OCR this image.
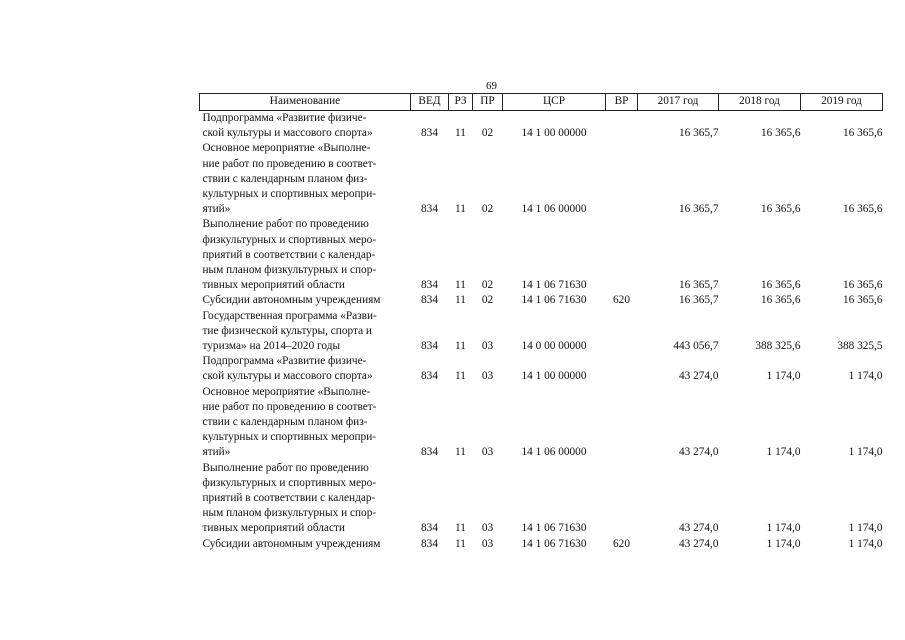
69
Наименование	ВЕД	РЗ	ПР	ЦСР	ВР	2017 год	2018 год	2019 год

Подпрограмма «Развитие физиче-
ской культуры и массового спорта»	834	11	02	14 1 00 00000		16 365,7	16 365,6	16 365,6

Основное мероприятие «Выполне-
ние работ по проведению в соответ-
ствии с календарным планом физ-
культурных и спортивных меропри-
ятий»	834	11	02	14 1 06 00000		16 365,7	16 365,6	16 365,6

Выполнение работ по проведению
физкультурных и спортивных меро-
приятий в соответствии с календар-
ным планом физкультурных и спор-
тивных мероприятий области	834	11	02	14 1 06 71630		16 365,7	16 365,6	16 365,6

Субсидии автономным учреждениям	834	11	02	14 1 06 71630	620	16 365,7	16 365,6	16 365,6

Государственная программа «Разви-
тие физической культуры, спорта и
туризма» на 2014–2020 годы	834	11	03	14 0 00 00000		443 056,7	388 325,6	388 325,5

Подпрограмма «Развитие физиче-
ской культуры и массового спорта»	834	11	03	14 1 00 00000		43 274,0	1 174,0	1 174,0

Основное мероприятие «Выполне-
ние работ по проведению в соответ-
ствии с календарным планом физ-
культурных и спортивных меропри-
ятий»	834	11	03	14 1 06 00000		43 274,0	1 174,0	1 174,0

Выполнение работ по проведению
физкультурных и спортивных меро-
приятий в соответствии с календар-
ным планом физкультурных и спор-
тивных мероприятий области	834	11	03	14 1 06 71630		43 274,0	1 174,0	1 174,0

Субсидии автономным учреждениям	834	11	03	14 1 06 71630	620	43 274,0	1 174,0	1 174,0
